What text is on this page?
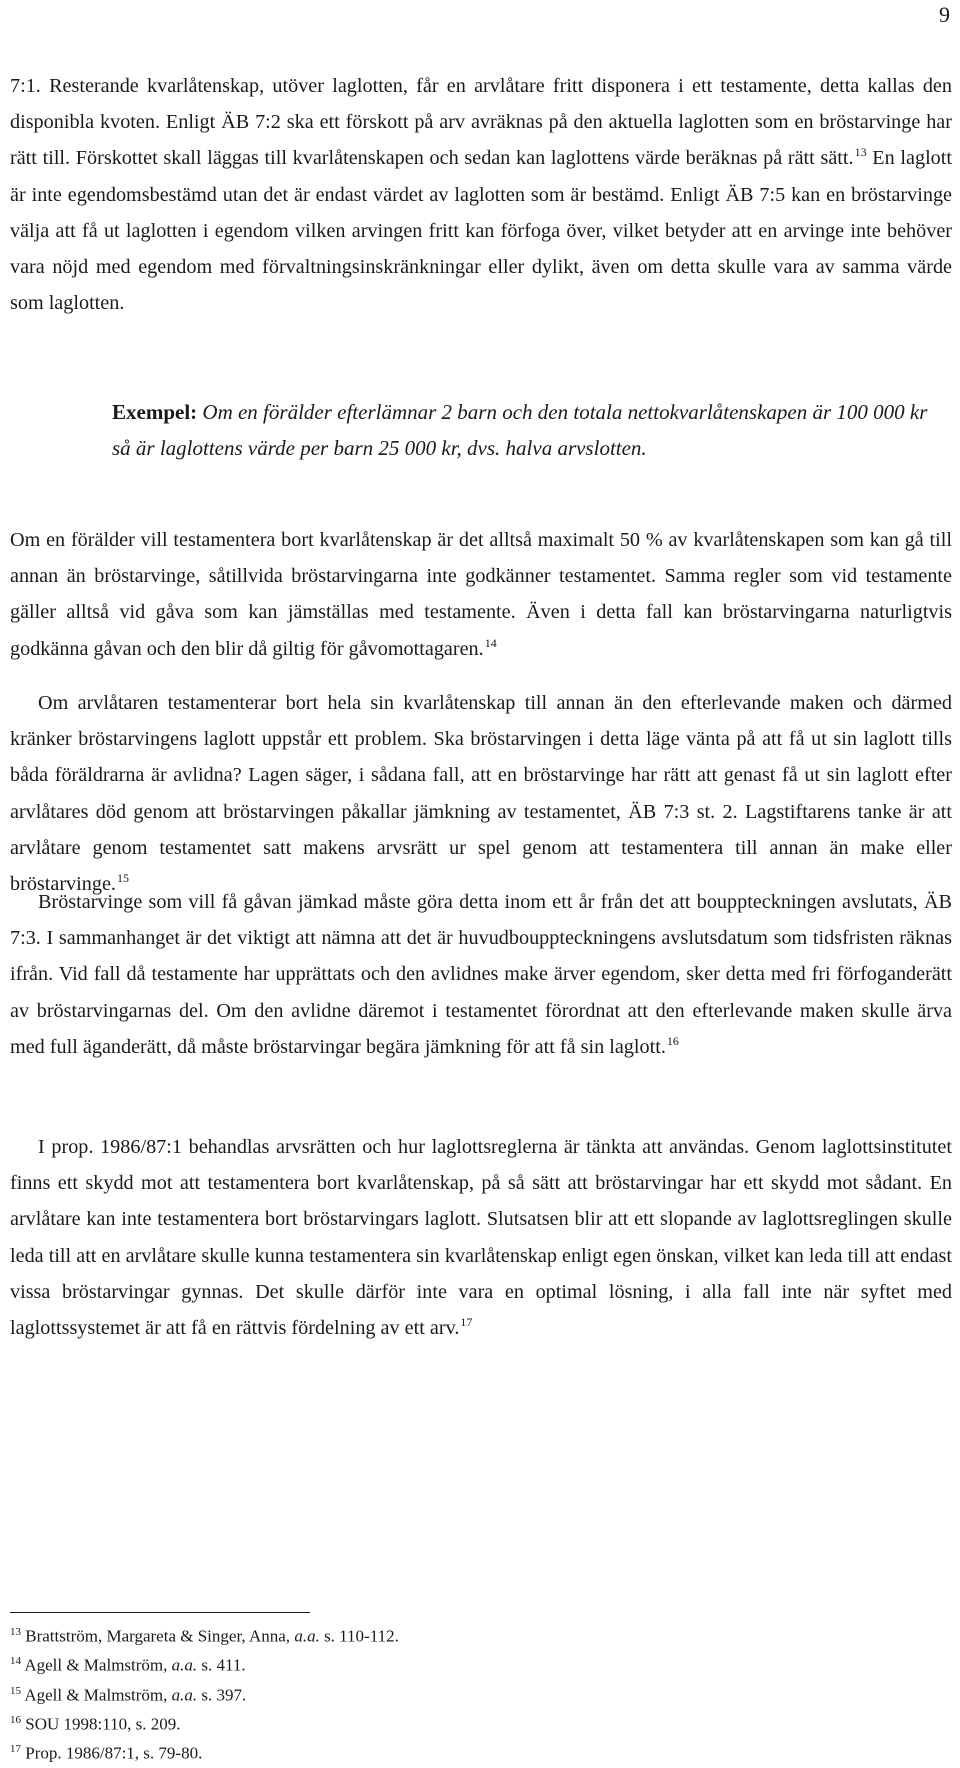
9
7:1. Resterande kvarlåtenskap, utöver laglotten, får en arvlåtare fritt disponera i ett testamente, detta kallas den disponibla kvoten. Enligt ÄB 7:2 ska ett förskott på arv avräknas på den aktuella laglotten som en bröstarvinge har rätt till. Förskottet skall läggas till kvarlåtenskapen och sedan kan laglottens värde beräknas på rätt sätt.$^{13}$ En laglott är inte egendomsbestämd utan det är endast värdet av laglotten som är bestämd. Enligt ÄB 7:5 kan en bröstarvinge välja att få ut laglotten i egendom vilken arvingen fritt kan förfoga över, vilket betyder att en arvinge inte behöver vara nöjd med egendom med förvaltningsinskränkningar eller dylikt, även om detta skulle vara av samma värde som laglotten.
Exempel: Om en förälder efterlämnar 2 barn och den totala nettokvarlåtenskapen är 100 000 kr så är laglottens värde per barn 25 000 kr, dvs. halva arvslotten.
Om en förälder vill testamentera bort kvarlåtenskap är det alltså maximalt 50 % av kvarlåtenskapen som kan gå till annan än bröstarvinge, såtillvida bröstarvingarna inte godkänner testamentet. Samma regler som vid testamente gäller alltså vid gåva som kan jämställas med testamente. Även i detta fall kan bröstarvingarna naturligtvis godkänna gåvan och den blir då giltig för gåvomottagaren.$^{14}$
Om arvlåtaren testamenterar bort hela sin kvarlåtenskap till annan än den efterlevande maken och därmed kränker bröstarvingens laglott uppstår ett problem. Ska bröstarvingen i detta läge vänta på att få ut sin laglott tills båda föräldrarna är avlidna? Lagen säger, i sådana fall, att en bröstarvinge har rätt att genast få ut sin laglott efter arvlåtares död genom att bröstarvingen påkallar jämkning av testamentet, ÄB 7:3 st. 2. Lagstiftarens tanke är att arvlåtare genom testamentet satt makens arvsrätt ur spel genom att testamentera till annan än make eller bröstarvinge.$^{15}$
Bröstarvinge som vill få gåvan jämkad måste göra detta inom ett år från det att bouppteckningen avslutats, ÄB 7:3. I sammanhanget är det viktigt att nämna att det är huvudbouppteckningens avslutsdatum som tidsfristen räknas ifrån. Vid fall då testamente har upprättats och den avlidnes make ärver egendom, sker detta med fri förfoganderätt av bröstarvingarnas del. Om den avlidne däremot i testamentet förordnat att den efterlevande maken skulle ärva med full äganderätt, då måste bröstarvingar begära jämkning för att få sin laglott.$^{16}$
I prop. 1986/87:1 behandlas arvsrätten och hur laglottsreglerna är tänkta att användas. Genom laglottsinstitutet finns ett skydd mot att testamentera bort kvarlåtenskap, på så sätt att bröstarvingar har ett skydd mot sådant. En arvlåtare kan inte testamentera bort bröstarvingars laglott. Slutsatsen blir att ett slopande av laglottsreglingen skulle leda till att en arvlåtare skulle kunna testamentera sin kvarlåtenskap enligt egen önskan, vilket kan leda till att endast vissa bröstarvingar gynnas. Det skulle därför inte vara en optimal lösning, i alla fall inte när syftet med laglottssystemet är att få en rättvis fördelning av ett arv.$^{17}$
$^{13}$ Brattström, Margareta & Singer, Anna, a.a. s. 110-112.
$^{14}$ Agell & Malmström, a.a. s. 411.
$^{15}$ Agell & Malmström, a.a. s. 397.
$^{16}$ SOU 1998:110, s. 209.
$^{17}$ Prop. 1986/87:1, s. 79-80.
